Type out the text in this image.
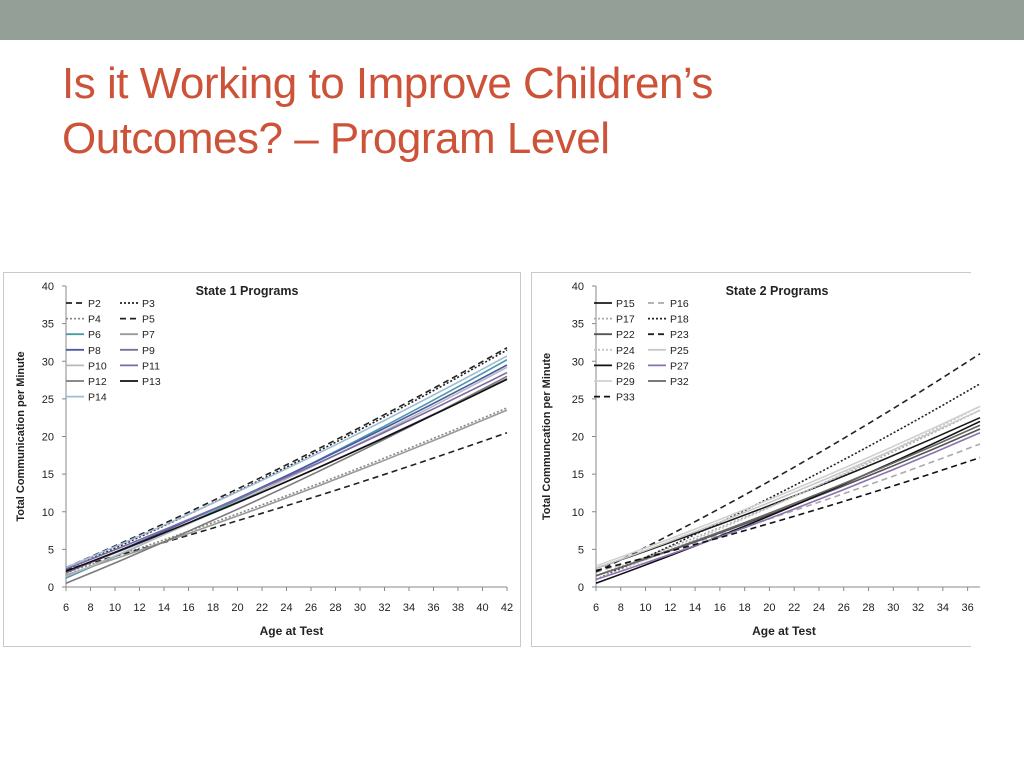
Is it Working to Improve Children’s
Outcomes? – Program Level
0
5
10
15
20
25
30
35
40
6 8 10 12 14 16 18 20 22 24 26 28 30 32 34 36 38 40 42
State 1 Programs
Age at Test
Total Communication per Minute
P2	P3
P4	P5
P6	P7
P8	P9
P10	P11
P12	P13
P14
0
5
10
15
20
25
30
35
40
6 8 10 12 14 16 18 20 22 24 26 28 30 32 34 36
State 2 Programs
Age at Test
Total Communcation per Minute
P15	P16
P17	P18
P22	P23
P24	P25
P26	P27
P29	P32
P33
